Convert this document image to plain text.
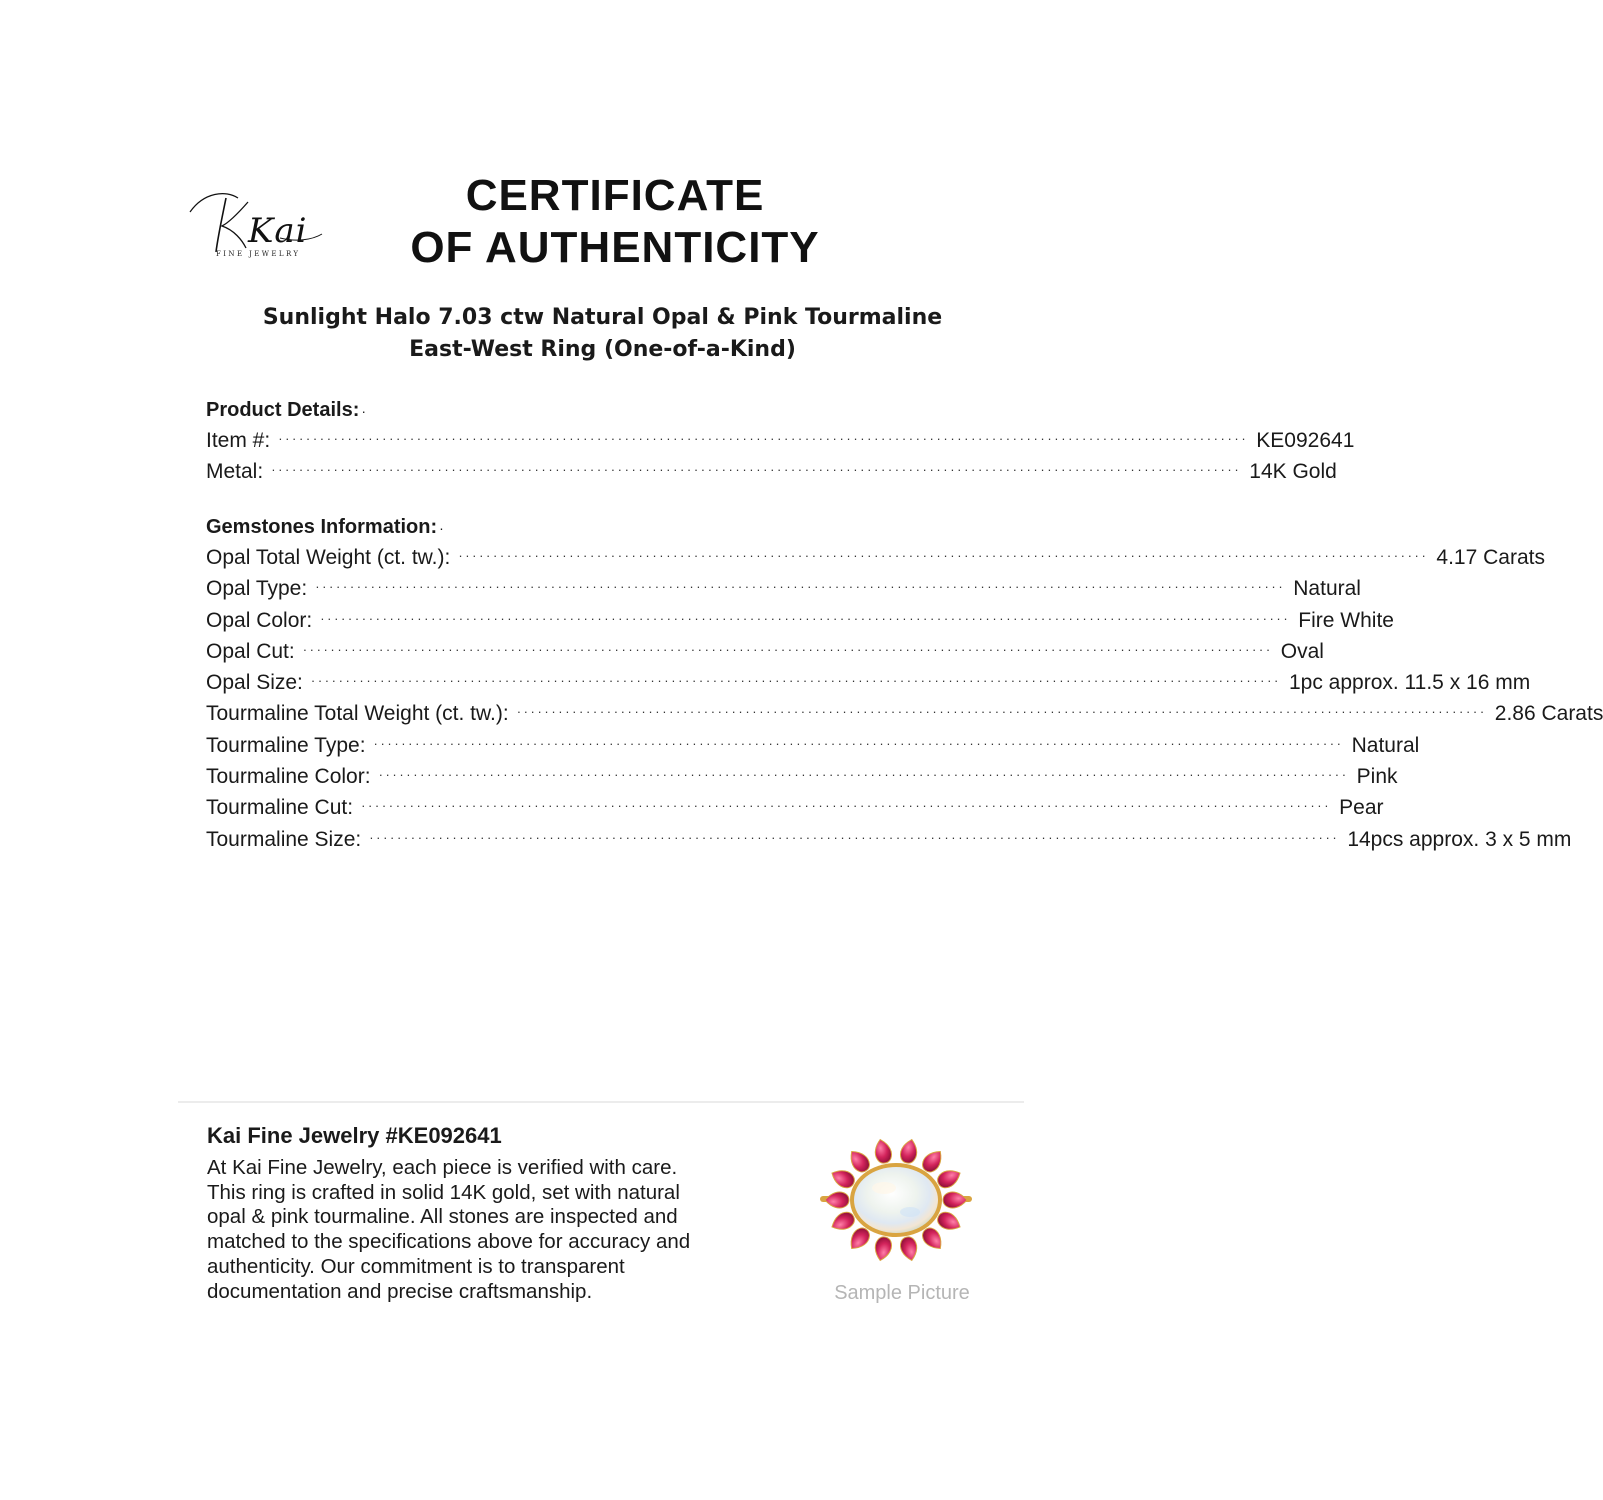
Kai
FINE JEWELRY
CERTIFICATE
OF AUTHENTICITY
Sunlight Halo 7.03 ctw Natural Opal & Pink Tourmaline
East-West Ring (One-of-a-Kind)
Product Details: ·
Item #: ············································································································································ KE092641
Metal: ············································································································································ 14K Gold
Gemstones Information: ·
Opal Total Weight (ct. tw.): ············································································································································ 4.17 Carats
Opal Type: ············································································································································ Natural
Opal Color: ············································································································································ Fire White
Opal Cut: ············································································································································ Oval
Opal Size: ············································································································································ 1pc approx. 11.5 x 16 mm
Tourmaline Total Weight (ct. tw.): ············································································································································ 2.86 Carats
Tourmaline Type: ············································································································································ Natural
Tourmaline Color: ············································································································································ Pink
Tourmaline Cut: ············································································································································ Pear
Tourmaline Size: ············································································································································ 14pcs approx. 3 x 5 mm
Kai Fine Jewelry #KE092641
At Kai Fine Jewelry, each piece is verified with care.
This ring is crafted in solid 14K gold, set with natural
opal & pink tourmaline. All stones are inspected and
matched to the specifications above for accuracy and
authenticity. Our commitment is to transparent
documentation and precise craftsmanship.	Sample Picture
